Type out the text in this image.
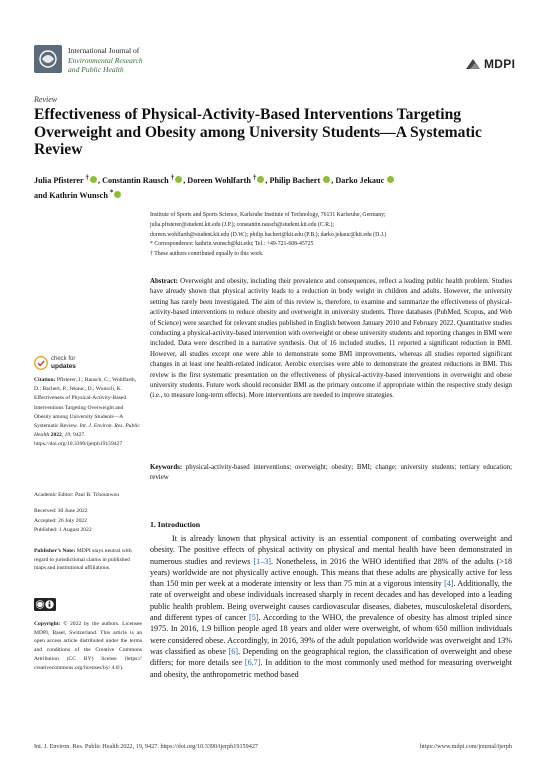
International Journal of
Environmental Research
and Public Health	MDPI
Review
Effectiveness of Physical-Activity-Based Interventions Targeting Overweight and Obesity among University Students—A Systematic Review
Julia Pfisterer † , Constantin Rausch † , Doreen Wohlfarth † , Philip Bachert , Darko Jekauc
and Kathrin Wunsch *
Institute of Sports and Sports Science, Karlsruhe Institute of Technology, 76131 Karlsruhe, Germany;
julia.pfisterer@student.kit.edu (J.P.); constantin.rausch@student.kit.edu (C.R.);
doreen.wohlfarth@student.kit.edu (D.W.); philip.bachert@kit.edu (P.B.); darko.jekauc@kit.edu (D.J.)
* Correspondence: kathrin.wunsch@kit.edu; Tel.: +49-721-608-45725
† These authors contributed equally to this work.
Abstract: Overweight and obesity, including their prevalence and consequences, reflect a leading public health problem. Studies have already shown that physical activity leads to a reduction in body weight in children and adults. However, the university setting has rarely been investigated. The aim of this review is, therefore, to examine and summarize the effectiveness of physical-activity-based interventions to reduce obesity and overweight in university students. Three databases (PubMed, Scopus, and Web of Science) were searched for relevant studies published in English between January 2010 and February 2022. Quantitative studies conducting a physical-activity-based intervention with overweight or obese university students and reporting changes in BMI were included. Data were described in a narrative synthesis. Out of 16 included studies, 11 reported a significant reduction in BMI. However, all studies except one were able to demonstrate some BMI improvements, whereas all studies reported significant changes in at least one health-related indicator. Aerobic exercises were able to demonstrate the greatest reductions in BMI. This review is the first systematic presentation on the effectiveness of physical-activity-based interventions in overweight and obese university students. Future work should reconsider BMI as the primary outcome if appropriate within the respective study design (i.e., to measure long-term effects). More interventions are needed to improve strategies.
Keywords: physical-activity-based interventions; overweight; obesity; BMI; change; university students; tertiary education; review
check for
updates
Citation: Pfisterer, J.; Rausch, C.; Wohlfarth, D.; Bachert, P.; Jekauc, D.; Wunsch, K. Effectiveness of Physical-Activity-Based Interventions Targeting Overweight and Obesity among University Students—A Systematic Review. Int. J. Environ. Res. Public Health 2022, 19, 9427. https://doi.org/10.3390/ijerph19159427
Academic Editor: Paul B. Tchounwou
Received: 30 June 2022
Accepted: 26 July 2022
Published: 1 August 2022
Publisher’s Note: MDPI stays neutral with regard to jurisdictional claims in published maps and institutional affiliations.
Copyright: © 2022 by the authors. Licensee MDPI, Basel, Switzerland. This article is an open access article distributed under the terms and conditions of the Creative Commons Attribution (CC BY) license (https:// creativecommons.org/licenses/by/ 4.0/).
1. Introduction
It is already known that physical activity is an essential component of combating overweight and obesity. The positive effects of physical activity on physical and mental health have been demonstrated in numerous studies and reviews [1–3]. Nonetheless, in 2016 the WHO identified that 28% of the adults (>18 years) worldwide are not physically active enough. This means that these adults are physically active for less than 150 min per week at a moderate intensity or less than 75 min at a vigorous intensity [4]. Additionally, the rate of overweight and obese individuals increased sharply in recent decades and has developed into a leading public health problem. Being overweight causes cardiovascular diseases, diabetes, musculoskeletal disorders, and different types of cancer [5]. According to the WHO, the prevalence of obesity has almost tripled since 1975. In 2016, 1.9 billion people aged 18 years and older were overweight, of whom 650 million individuals were considered obese. Accordingly, in 2016, 39% of the adult population worldwide was overweight and 13% was classified as obese [6]. Depending on the geographical region, the classification of overweight and obese differs; for more details see [6,7]. In addition to the most commonly used method for measuring overweight and obesity, the anthropometric method based
Int. J. Environ. Res. Public Health 2022, 19, 9427. https://doi.org/10.3390/ijerph19159427	https://www.mdpi.com/journal/ijerph
